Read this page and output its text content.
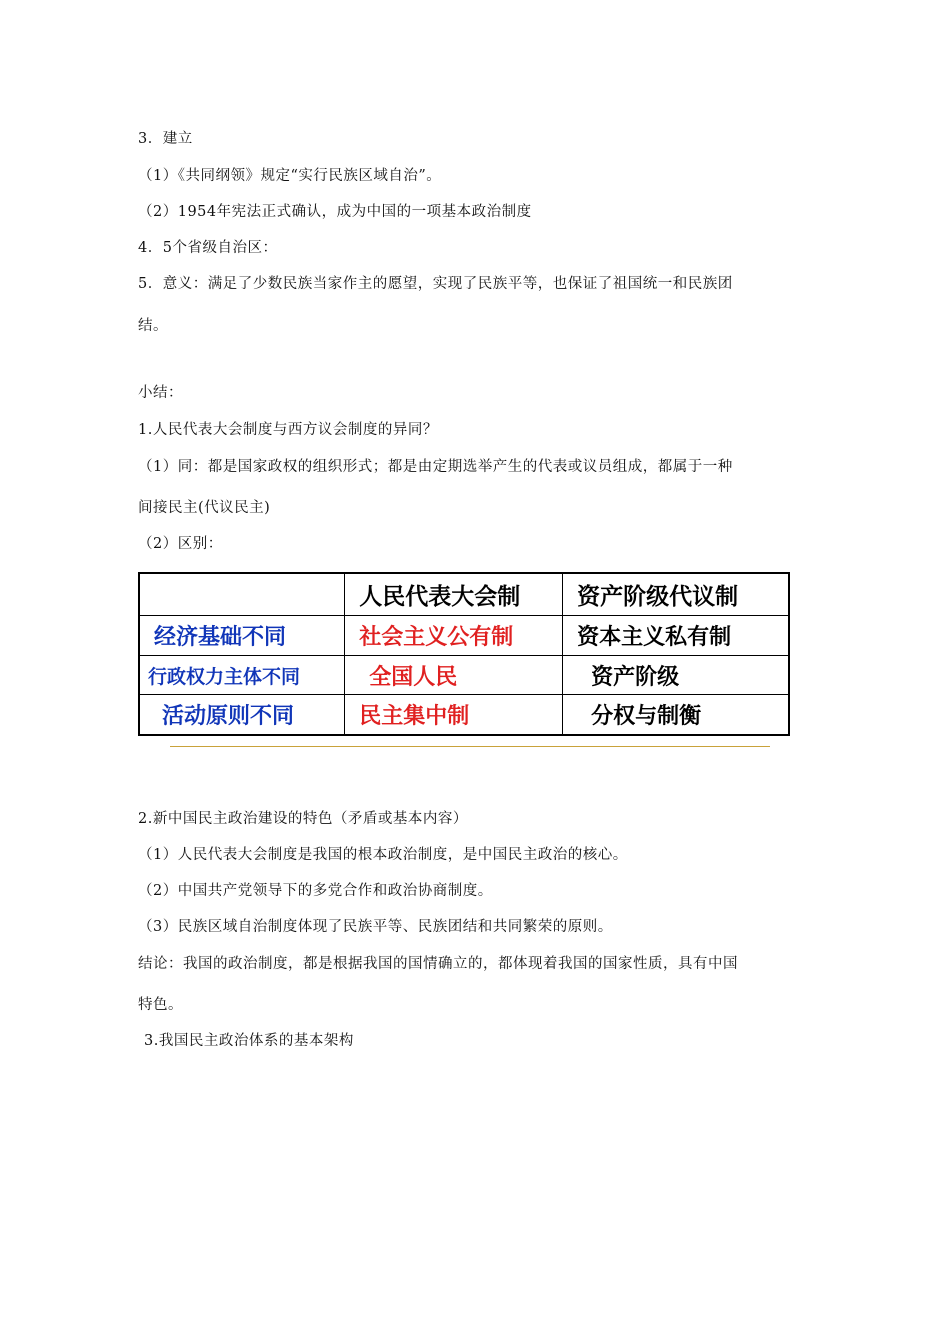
3．建立
（1）《共同纲领》规定“实行民族区域自治”。
（2）1954年宪法正式确认，成为中国的一项基本政治制度
4．5个省级自治区：
5．意义：满足了少数民族当家作主的愿望，实现了民族平等，也保证了祖国统一和民族团
结。
小结：
1.人民代表大会制度与西方议会制度的异同？
（1）同：都是国家政权的组织形式；都是由定期选举产生的代表或议员组成，都属于一种
间接民主(代议民主)
（2）区别：
	人民代表大会制	资产阶级代议制
经济基础不同	社会主义公有制	资本主义私有制
行政权力主体不同	全国人民	资产阶级
活动原则不同	民主集中制	分权与制衡
2.新中国民主政治建设的特色（矛盾或基本内容）
（1）人民代表大会制度是我国的根本政治制度，是中国民主政治的核心。
（2）中国共产党领导下的多党合作和政治协商制度。
（3）民族区域自治制度体现了民族平等、民族团结和共同繁荣的原则。
结论：我国的政治制度，都是根据我国的国情确立的，都体现着我国的国家性质，具有中国
特色。
3.我国民主政治体系的基本架构
